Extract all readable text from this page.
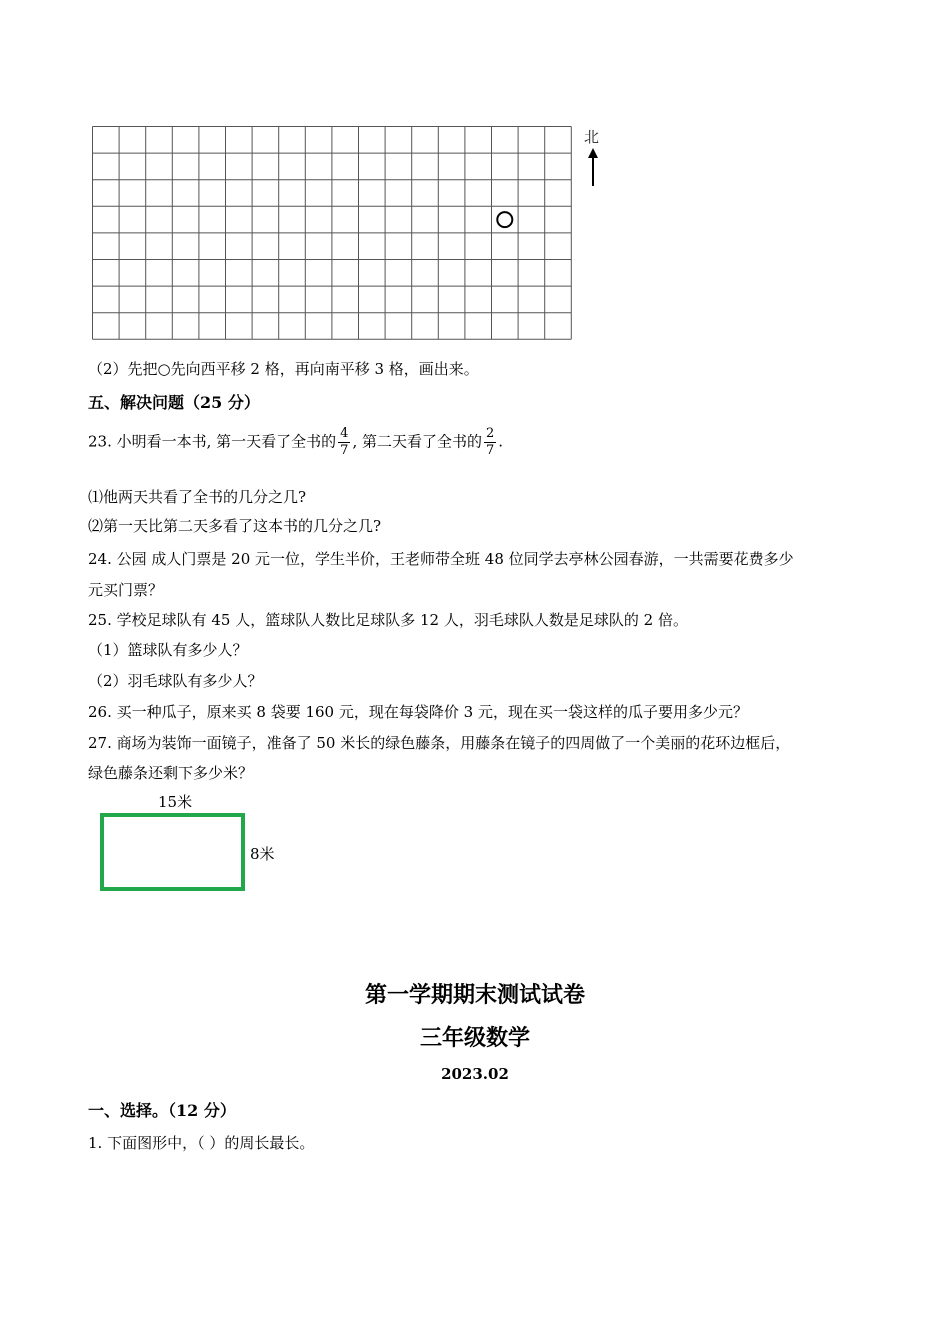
北
（2）先把○先向西平移 2 格，再向南平移 3 格，画出来。
五、解决问题（25 分）
23. 小明看一本书, 第一天看了全书的 $\frac{4}{7}$ , 第二天看了全书的 $\frac{2}{7}$ .
⑴他两天共看了全书的几分之几?
⑵第一天比第二天多看了这本书的几分之几?
24. 公园 成人门票是 20 元一位，学生半价，王老师带全班 48 位同学去亭林公园春游，一共需要花费多少
元买门票？
25. 学校足球队有 45 人，篮球队人数比足球队多 12 人，羽毛球队人数是足球队的 2 倍。
（1）篮球队有多少人？
（2）羽毛球队有多少人？
26. 买一种瓜子，原来买 8 袋要 160 元，现在每袋降价 3 元，现在买一袋这样的瓜子要用多少元？
27. 商场为装饰一面镜子，准备了 50 米长的绿色藤条，用藤条在镜子的四周做了一个美丽的花环边框后，
绿色藤条还剩下多少米？
15米
8米
第一学期期末测试试卷
三年级数学
2023.02
一、选择。（12 分）
1. 下面图形中，（ ）的周长最长。
